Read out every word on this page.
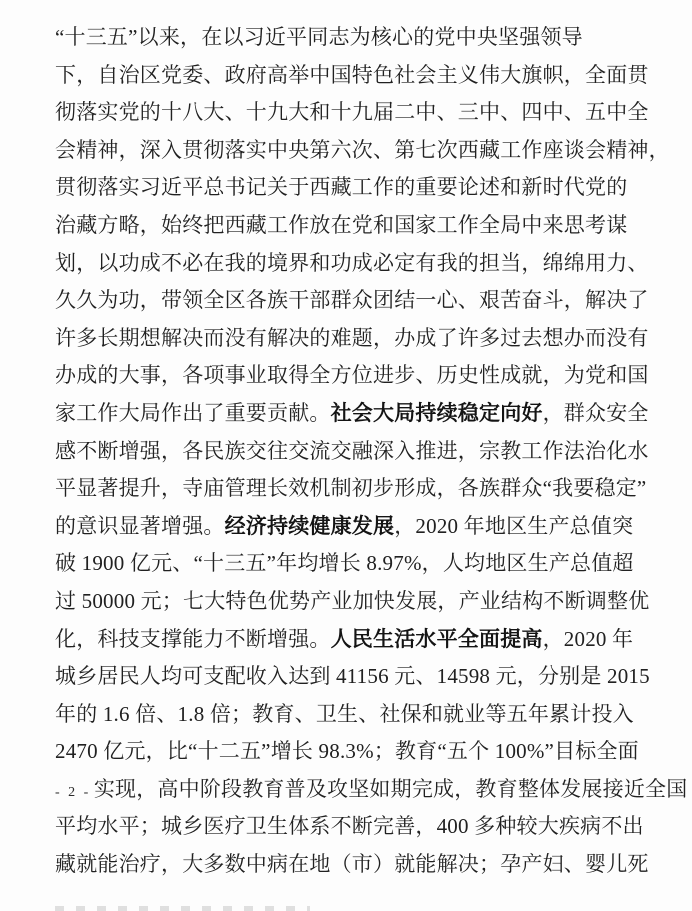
“十三五”以来，在以习近平同志为核心的党中央坚强领导
下，自治区党委、政府高举中国特色社会主义伟大旗帜，全面贯
彻落实党的十八大、十九大和十九届二中、三中、四中、五中全
会精神，深入贯彻落实中央第六次、第七次西藏工作座谈会精神，
贯彻落实习近平总书记关于西藏工作的重要论述和新时代党的
治藏方略，始终把西藏工作放在党和国家工作全局中来思考谋
划，以功成不必在我的境界和功成必定有我的担当，绵绵用力、
久久为功，带领全区各族干部群众团结一心、艰苦奋斗，解决了
许多长期想解决而没有解决的难题，办成了许多过去想办而没有
办成的大事，各项事业取得全方位进步、历史性成就，为党和国
家工作大局作出了重要贡献。社会大局持续稳定向好，群众安全
感不断增强，各民族交往交流交融深入推进，宗教工作法治化水
平显著提升，寺庙管理长效机制初步形成，各族群众“我要稳定”
的意识显著增强。经济持续健康发展，2020 年地区生产总值突
破 1900 亿元、“十三五”年均增长 8.97%，人均地区生产总值超
过 50000 元；七大特色优势产业加快发展，产业结构不断调整优
化，科技支撑能力不断增强。人民生活水平全面提高，2020 年
城乡居民人均可支配收入达到 41156 元、14598 元，分别是 2015
年的 1.6 倍、1.8 倍；教育、卫生、社保和就业等五年累计投入
2470 亿元，比“十二五”增长 98.3%；教育“五个 100%”目标全面
- 2 - 实现，高中阶段教育普及攻坚如期完成，教育整体发展接近全国
平均水平；城乡医疗卫生体系不断完善，400 多种较大疾病不出
藏就能治疗，大多数中病在地（市）就能解决；孕产妇、婴儿死
